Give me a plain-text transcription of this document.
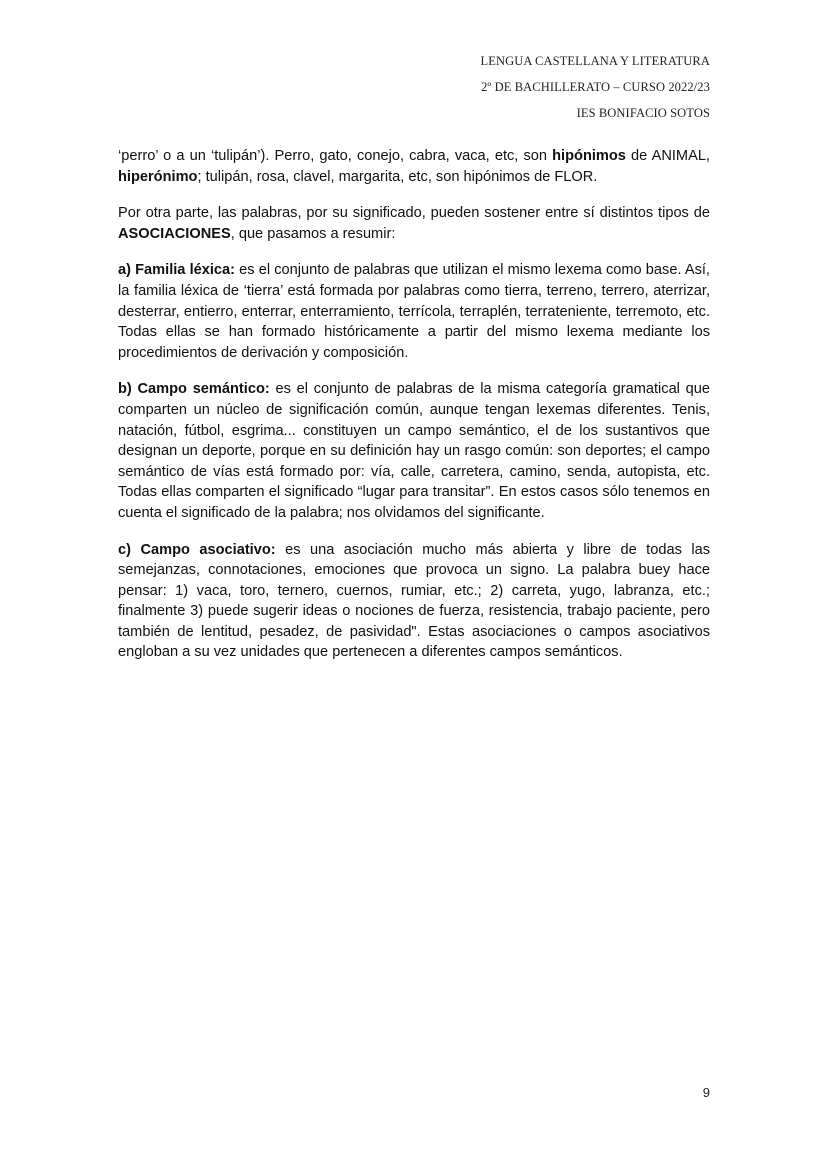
LENGUA CASTELLANA Y LITERATURA
2º DE BACHILLERATO – CURSO 2022/23
IES BONIFACIO SOTOS

‘perro’ o a un ‘tulipán’). Perro, gato, conejo, cabra, vaca, etc, son hipónimos de ANIMAL, hiperónimo; tulipán, rosa, clavel, margarita, etc, son hipónimos de FLOR.

Por otra parte, las palabras, por su significado, pueden sostener entre sí distintos tipos de ASOCIACIONES, que pasamos a resumir:

a) Familia léxica: es el conjunto de palabras que utilizan el mismo lexema como base. Así, la familia léxica de ‘tierra’ está formada por palabras como tierra, terreno, terrero, aterrizar, desterrar, entierro, enterrar, enterramiento, terrícola, terraplén, terrateniente, terremoto, etc. Todas ellas se han formado históricamente a partir del mismo lexema mediante los procedimientos de derivación y composición.

b) Campo semántico: es el conjunto de palabras de la misma categoría gramatical que comparten un núcleo de significación común, aunque tengan lexemas diferentes. Tenis, natación, fútbol, esgrima... constituyen un campo semántico, el de los sustantivos que designan un deporte, porque en su definición hay un rasgo común: son deportes; el campo semántico de vías está formado por: vía, calle, carretera, camino, senda, autopista, etc. Todas ellas comparten el significado “lugar para transitar”. En estos casos sólo tenemos en cuenta el significado de la palabra; nos olvidamos del significante.

c) Campo asociativo: es una asociación mucho más abierta y libre de todas las semejanzas, connotaciones, emociones que provoca un signo. La palabra buey hace pensar: 1) vaca, toro, ternero, cuernos, rumiar, etc.; 2) carreta, yugo, labranza, etc.; finalmente 3) puede sugerir ideas o nociones de fuerza, resistencia, trabajo paciente, pero también de lentitud, pesadez, de pasividad". Estas asociaciones o campos asociativos engloban a su vez unidades que pertenecen a diferentes campos semánticos.

9
